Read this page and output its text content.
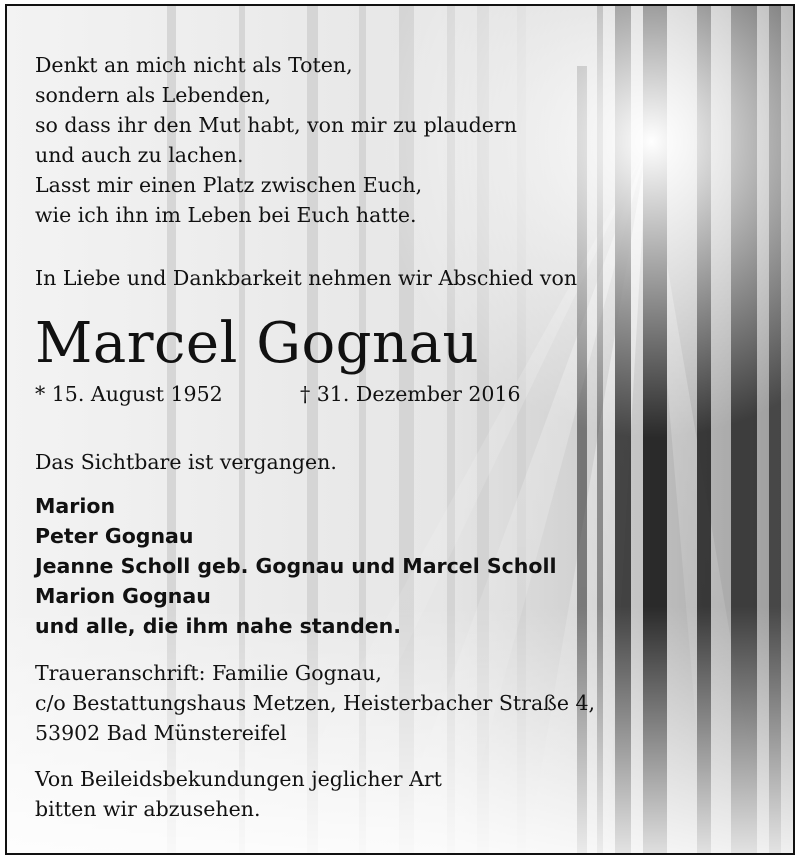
Denkt an mich nicht als Toten,
sondern als Lebenden,
so dass ihr den Mut habt, von mir zu plaudern
und auch zu lachen.
Lasst mir einen Platz zwischen Euch,
wie ich ihn im Leben bei Euch hatte.
In Liebe und Dankbarkeit nehmen wir Abschied von
Marcel Gognau
* 15. August 1952	† 31. Dezember 2016
Das Sichtbare ist vergangen.
Marion
Peter Gognau
Jeanne Scholl geb. Gognau und Marcel Scholl
Marion Gognau
und alle, die ihm nahe standen.
Traueranschrift: Familie Gognau,
c/o Bestattungshaus Metzen, Heisterbacher Straße 4,
53902 Bad Münstereifel
Von Beileidsbekundungen jeglicher Art
bitten wir abzusehen.
